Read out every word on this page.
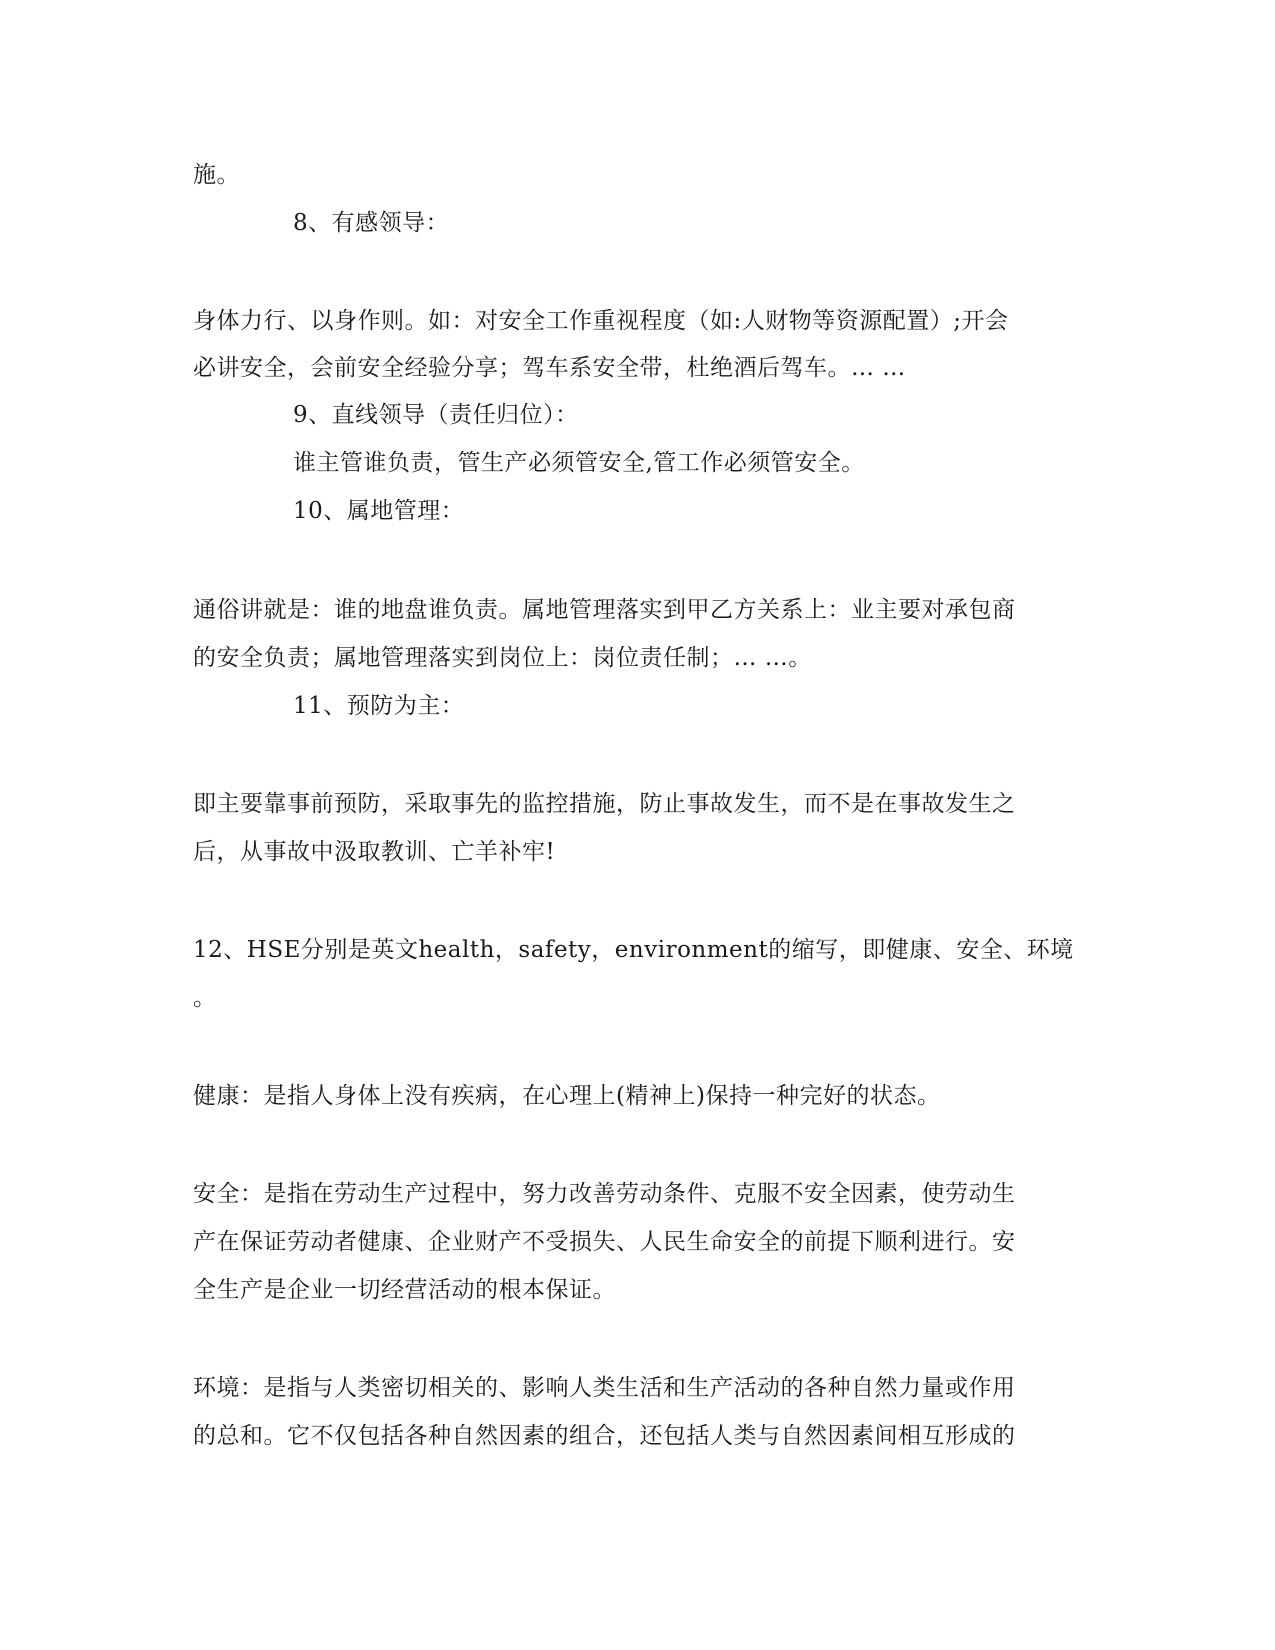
施。
8、有感领导：
身体力行、以身作则。如：对安全工作重视程度（如:人财物等资源配置）;开会
必讲安全，会前安全经验分享；驾车系安全带，杜绝酒后驾车。… …
9、直线领导（责任归位）：
谁主管谁负责，管生产必须管安全,管工作必须管安全。
10、属地管理：
通俗讲就是：谁的地盘谁负责。属地管理落实到甲乙方关系上：业主要对承包商
的安全负责；属地管理落实到岗位上：岗位责任制；… …。
11、预防为主：
即主要靠事前预防，采取事先的监控措施，防止事故发生，而不是在事故发生之
后，从事故中汲取教训、亡羊补牢!
12、HSE分别是英文health，safety，environment的缩写，即健康、安全、环境
。
健康：是指人身体上没有疾病，在心理上(精神上)保持一种完好的状态。
安全：是指在劳动生产过程中，努力改善劳动条件、克服不安全因素，使劳动生
产在保证劳动者健康、企业财产不受损失、人民生命安全的前提下顺利进行。安
全生产是企业一切经营活动的根本保证。
环境：是指与人类密切相关的、影响人类生活和生产活动的各种自然力量或作用
的总和。它不仅包括各种自然因素的组合，还包括人类与自然因素间相互形成的
